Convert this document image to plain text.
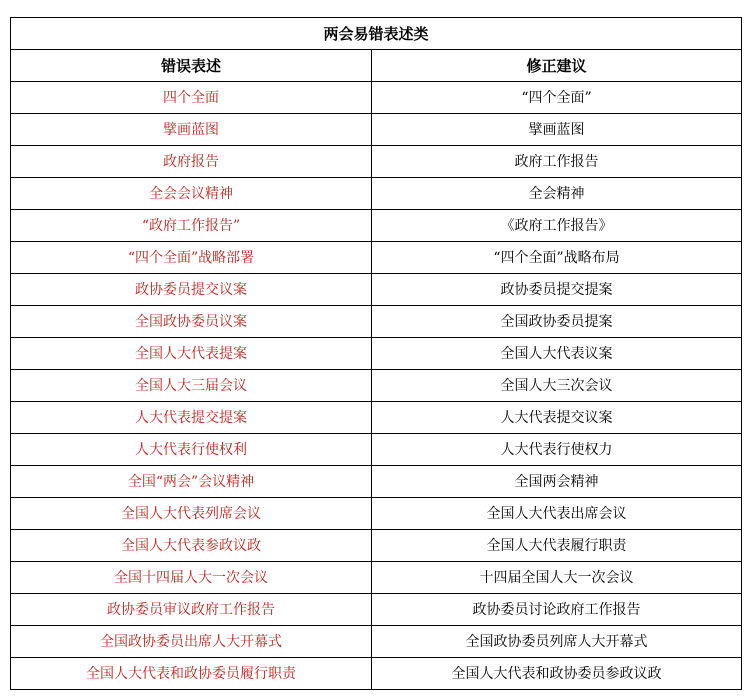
两会易错表述类	
错误表述	修正建议
四个全面	“四个全面”
擘画蓝图	擘画蓝图
政府报告	政府工作报告
全会会议精神	全会精神
“政府工作报告”	《政府工作报告》
“四个全面”战略部署	“四个全面”战略布局
政协委员提交议案	政协委员提交提案
全国政协委员议案	全国政协委员提案
全国人大代表提案	全国人大代表议案
全国人大三届会议	全国人大三次会议
人大代表提交提案	人大代表提交议案
人大代表行使权利	人大代表行使权力
全国“两会”会议精神	全国两会精神
全国人大代表列席会议	全国人大代表出席会议
全国人大代表参政议政	全国人大代表履行职责
全国十四届人大一次会议	十四届全国人大一次会议
政协委员审议政府工作报告	政协委员讨论政府工作报告
全国政协委员出席人大开幕式	全国政协委员列席人大开幕式
全国人大代表和政协委员履行职责	全国人大代表和政协委员参政议政
